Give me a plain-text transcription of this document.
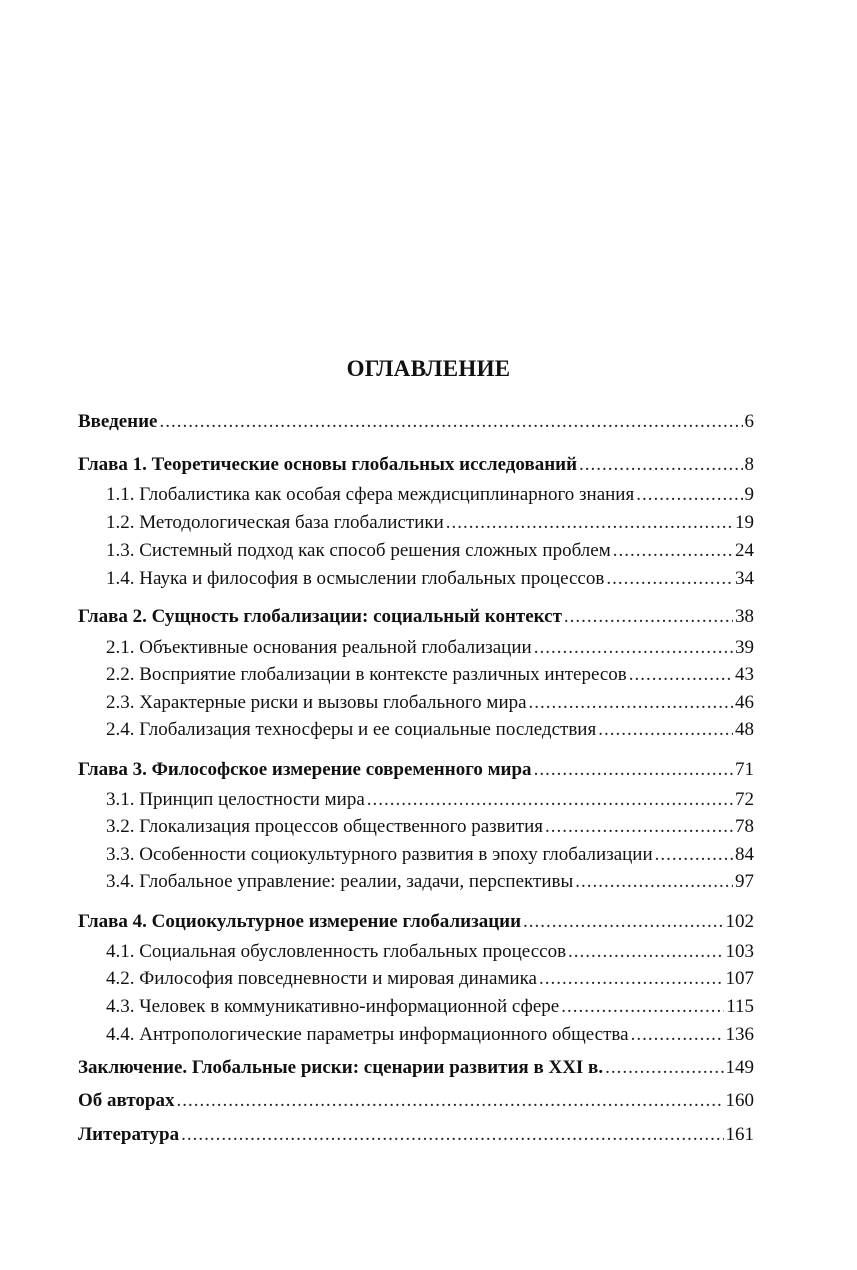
ОГЛАВЛЕНИЕ
Введение .....	6
Глава 1. Теоретические основы глобальных исследований .....	8
1.1. Глобалистика как особая сфера междисциплинарного знания .....	9
1.2. Методологическая база глобалистики .....	19
1.3. Системный подход как способ решения сложных проблем .....	24
1.4. Наука и философия в осмыслении глобальных процессов .....	34
Глава 2. Сущность глобализации: социальный контекст .....	38
2.1. Объективные основания реальной глобализации .....	39
2.2. Восприятие глобализации в контексте различных интересов .....	43
2.3. Характерные риски и вызовы глобального мира .....	46
2.4. Глобализация техносферы и ее социальные последствия .....	48
Глава 3. Философское измерение современного мира .....	71
3.1. Принцип целостности мира .....	72
3.2. Глокализация процессов общественного развития .....	78
3.3. Особенности социокультурного развития в эпоху глобализации .....	84
3.4. Глобальное управление: реалии, задачи, перспективы .....	97
Глава 4. Социокультурное измерение глобализации .....	102
4.1. Социальная обусловленность глобальных процессов .....	103
4.2. Философия повседневности и мировая динамика .....	107
4.3. Человек в коммуникативно-информационной сфере .....	115
4.4. Антропологические параметры информационного общества .....	136
Заключение. Глобальные риски: сценарии развития в XXI в. .....	149
Об авторах .....	160
Литература .....	161
